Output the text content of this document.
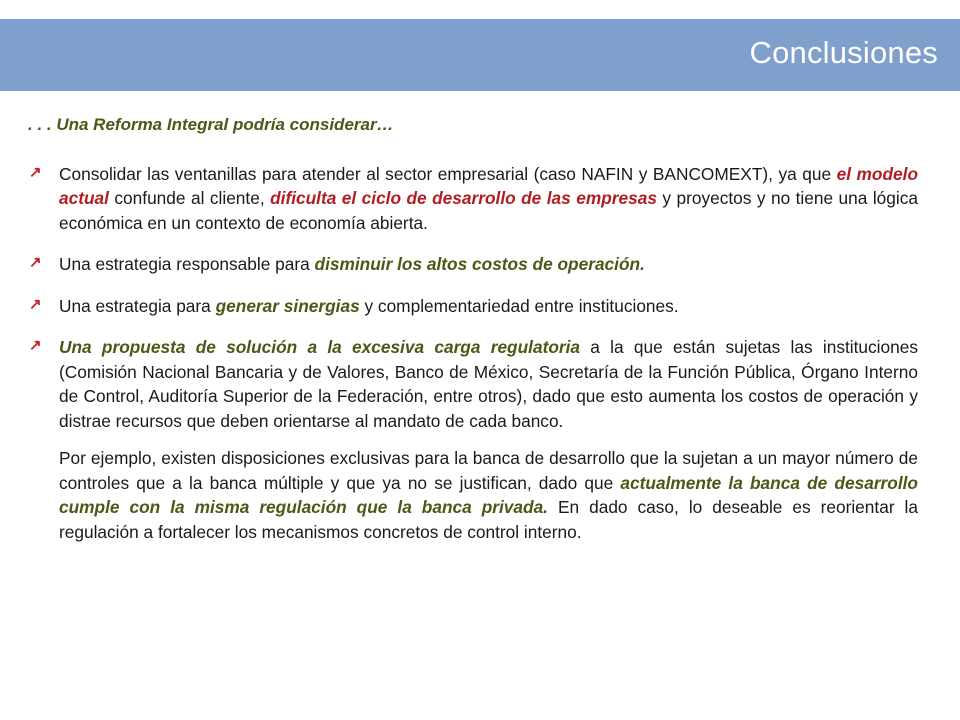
Conclusiones
. . . Una Reforma Integral podría considerar…
↗ Consolidar las ventanillas para atender al sector empresarial (caso NAFIN y BANCOMEXT), ya que el modelo actual confunde al cliente, dificulta el ciclo de desarrollo de las empresas y proyectos y no tiene una lógica económica en un contexto de economía abierta.
↗ Una estrategia responsable para disminuir los altos costos de operación.
↗ Una estrategia para generar sinergias y complementariedad entre instituciones.
↗ Una propuesta de solución a la excesiva carga regulatoria a la que están sujetas las instituciones (Comisión Nacional Bancaria y de Valores, Banco de México, Secretaría de la Función Pública, Órgano Interno de Control, Auditoría Superior de la Federación, entre otros), dado que esto aumenta los costos de operación y distrae recursos que deben orientarse al mandato de cada banco.
Por ejemplo, existen disposiciones exclusivas para la banca de desarrollo que la sujetan a un mayor número de controles que a la banca múltiple y que ya no se justifican, dado que actualmente la banca de desarrollo cumple con la misma regulación que la banca privada. En dado caso, lo deseable es reorientar la regulación a fortalecer los mecanismos concretos de control interno.
